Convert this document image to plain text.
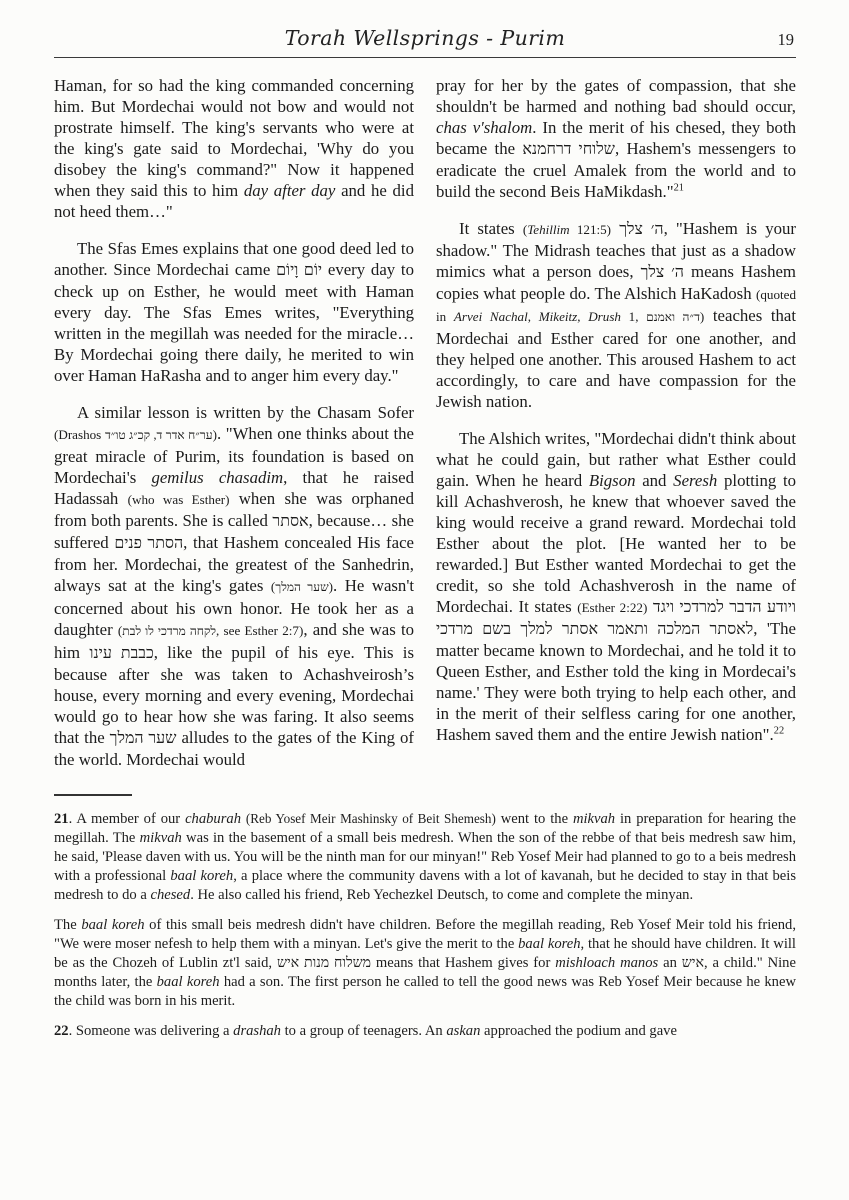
Torah Wellsprings - Purim	19

Haman, for so had the king commanded concerning him. But Mordechai would not bow and would not prostrate himself. The king's servants who were at the king's gate said to Mordechai, 'Why do you disobey the king's command?" Now it happened when they said this to him day after day and he did not heed them…"

The Sfas Emes explains that one good deed led to another. Since Mordechai came יוֹם וָיוֹם every day to check up on Esther, he would meet with Haman every day. The Sfas Emes writes, "Everything written in the megillah was needed for the miracle… By Mordechai going there daily, he merited to win over Haman HaRasha and to anger him every day."

A similar lesson is written by the Chasam Sofer (Drashos ער״ח אדר ד, קכ״ג טו״ד). "When one thinks about the great miracle of Purim, its foundation is based on Mordechai's gemilus chasadim, that he raised Hadassah (who was Esther) when she was orphaned from both parents. She is called אסתר, because… she suffered הסתר פנים, that Hashem concealed His face from her. Mordechai, the greatest of the Sanhedrin, always sat at the king's gates (שער המלך). He wasn't concerned about his own honor. He took her as a daughter (לקחה מרדכי לו לבת, see Esther 2:7), and she was to him כבבת עינו, like the pupil of his eye. This is because after she was taken to Achashveirosh’s house, every morning and every evening, Mordechai would go to hear how she was faring. It also seems that the שער המלך alludes to the gates of the King of the world. Mordechai would

pray for her by the gates of compassion, that she shouldn't be harmed and nothing bad should occur, chas v'shalom. In the merit of his chesed, they both became the שלוחי דרחמנא, Hashem's messengers to eradicate the cruel Amalek from the world and to build the second Beis HaMikdash."$^{21}$

It states (Tehillim 121:5) ה׳ צלך, "Hashem is your shadow." The Midrash teaches that just as a shadow mimics what a person does, ה׳ צלך means Hashem copies what people do. The Alshich HaKadosh (quoted in Arvei Nachal, Mikeitz, Drush 1, ד״ה ואמנם) teaches that Mordechai and Esther cared for one another, and they helped one another. This aroused Hashem to act accordingly, to care and have compassion for the Jewish nation.

The Alshich writes, "Mordechai didn't think about what he could gain, but rather what Esther could gain. When he heard Bigson and Seresh plotting to kill Achashverosh, he knew that whoever saved the king would receive a grand reward. Mordechai told Esther about the plot. [He wanted her to be rewarded.] But Esther wanted Mordechai to get the credit, so she told Achashverosh in the name of Mordechai. It states (Esther 2:22) ויודע הדבר למרדכי ויגד לאסתר המלכה ותאמר אסתר למלך בשם מרדכי, 'The matter became known to Mordechai, and he told it to Queen Esther, and Esther told the king in Mordecai's name.' They were both trying to help each other, and in the merit of their selfless caring for one another, Hashem saved them and the entire Jewish nation".$^{22}$

21. A member of our chaburah (Reb Yosef Meir Mashinsky of Beit Shemesh) went to the mikvah in preparation for hearing the megillah. The mikvah was in the basement of a small beis medresh. When the son of the rebbe of that beis medresh saw him, he said, 'Please daven with us. You will be the ninth man for our minyan!" Reb Yosef Meir had planned to go to a beis medresh with a professional baal koreh, a place where the community davens with a lot of kavanah, but he decided to stay in that beis medresh to do a chesed. He also called his friend, Reb Yechezkel Deutsch, to come and complete the minyan.

The baal koreh of this small beis medresh didn't have children. Before the megillah reading, Reb Yosef Meir told his friend, "We were moser nefesh to help them with a minyan. Let's give the merit to the baal koreh, that he should have children. It will be as the Chozeh of Lublin zt'l said, משלוח מנות איש means that Hashem gives for mishloach manos an איש, a child." Nine months later, the baal koreh had a son. The first person he called to tell the good news was Reb Yosef Meir because he knew the child was born in his merit.

22. Someone was delivering a drashah to a group of teenagers. An askan approached the podium and gave
